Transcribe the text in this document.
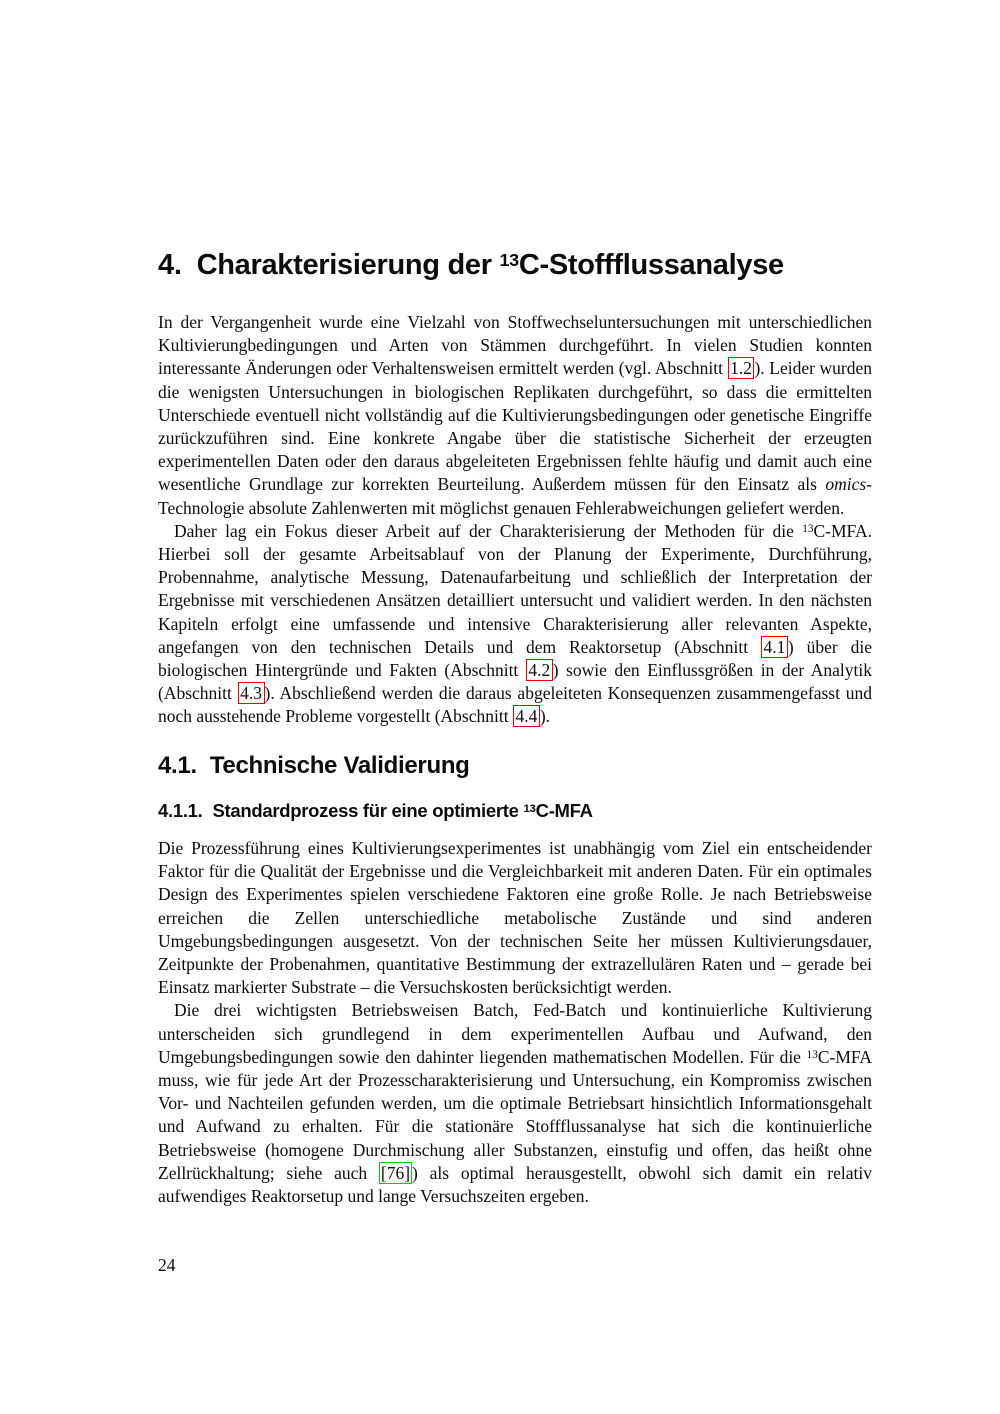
4. Charakterisierung der $^{13}$C-Stoffflussanalyse

In der Vergangenheit wurde eine Vielzahl von Stoffwechseluntersuchungen mit unterschiedlichen Kultivierungbedingungen und Arten von Stämmen durchgeführt. In vielen Studien konnten interessante Änderungen oder Verhaltensweisen ermittelt werden (vgl. Abschnitt 1.2 ). Leider wurden die wenigsten Untersuchungen in biologischen Replikaten durchgeführt, so dass die ermittelten Unterschiede eventuell nicht vollständig auf die Kultivierungsbedingungen oder genetische Eingriffe zurückzuführen sind. Eine konkrete Angabe über die statistische Sicherheit der erzeugten experimentellen Daten oder den daraus abgeleiteten Ergebnissen fehlte häufig und damit auch eine wesentliche Grundlage zur korrekten Beurteilung. Außerdem müssen für den Einsatz als omics-Technologie absolute Zahlenwerten mit möglichst genauen Fehlerabweichungen geliefert werden.

Daher lag ein Fokus dieser Arbeit auf der Charakterisierung der Methoden für die $^{13}$C-MFA. Hierbei soll der gesamte Arbeitsablauf von der Planung der Experimente, Durchführung, Probennahme, analytische Messung, Datenaufarbeitung und schließlich der Interpretation der Ergebnisse mit verschiedenen Ansätzen detailliert untersucht und validiert werden. In den nächsten Kapiteln erfolgt eine umfassende und intensive Charakterisierung aller relevanten Aspekte, angefangen von den technischen Details und dem Reaktorsetup (Abschnitt 4.1 ) über die biologischen Hintergründe und Fakten (Abschnitt 4.2 ) sowie den Einflussgrößen in der Analytik (Abschnitt 4.3 ). Abschließend werden die daraus abgeleiteten Konsequenzen zusammengefasst und noch ausstehende Probleme vorgestellt (Abschnitt 4.4 ).

4.1. Technische Validierung
4.1.1. Standardprozess für eine optimierte $^{13}$C-MFA

Die Prozessführung eines Kultivierungsexperimentes ist unabhängig vom Ziel ein entscheidender Faktor für die Qualität der Ergebnisse und die Vergleichbarkeit mit anderen Daten. Für ein optimales Design des Experimentes spielen verschiedene Faktoren eine große Rolle. Je nach Betriebsweise erreichen die Zellen unterschiedliche metabolische Zustände und sind anderen Umgebungsbedingungen ausgesetzt. Von der technischen Seite her müssen Kultivierungsdauer, Zeitpunkte der Probenahmen, quantitative Bestimmung der extrazellulären Raten und – gerade bei Einsatz markierter Substrate – die Versuchskosten berücksichtigt werden.

Die drei wichtigsten Betriebsweisen Batch, Fed-Batch und kontinuierliche Kultivierung unterscheiden sich grundlegend in dem experimentellen Aufbau und Aufwand, den Umgebungsbedingungen sowie den dahinter liegenden mathematischen Modellen. Für die $^{13}$C-MFA muss, wie für jede Art der Prozesscharakterisierung und Untersuchung, ein Kompromiss zwischen Vor- und Nachteilen gefunden werden, um die optimale Betriebsart hinsichtlich Informationsgehalt und Aufwand zu erhalten. Für die stationäre Stoffflussanalyse hat sich die kontinuierliche Betriebsweise (homogene Durchmischung aller Substanzen, einstufig und offen, das heißt ohne Zellrückhaltung; siehe auch [76] ) als optimal herausgestellt, obwohl sich damit ein relativ aufwendiges Reaktorsetup und lange Versuchszeiten ergeben.

24
